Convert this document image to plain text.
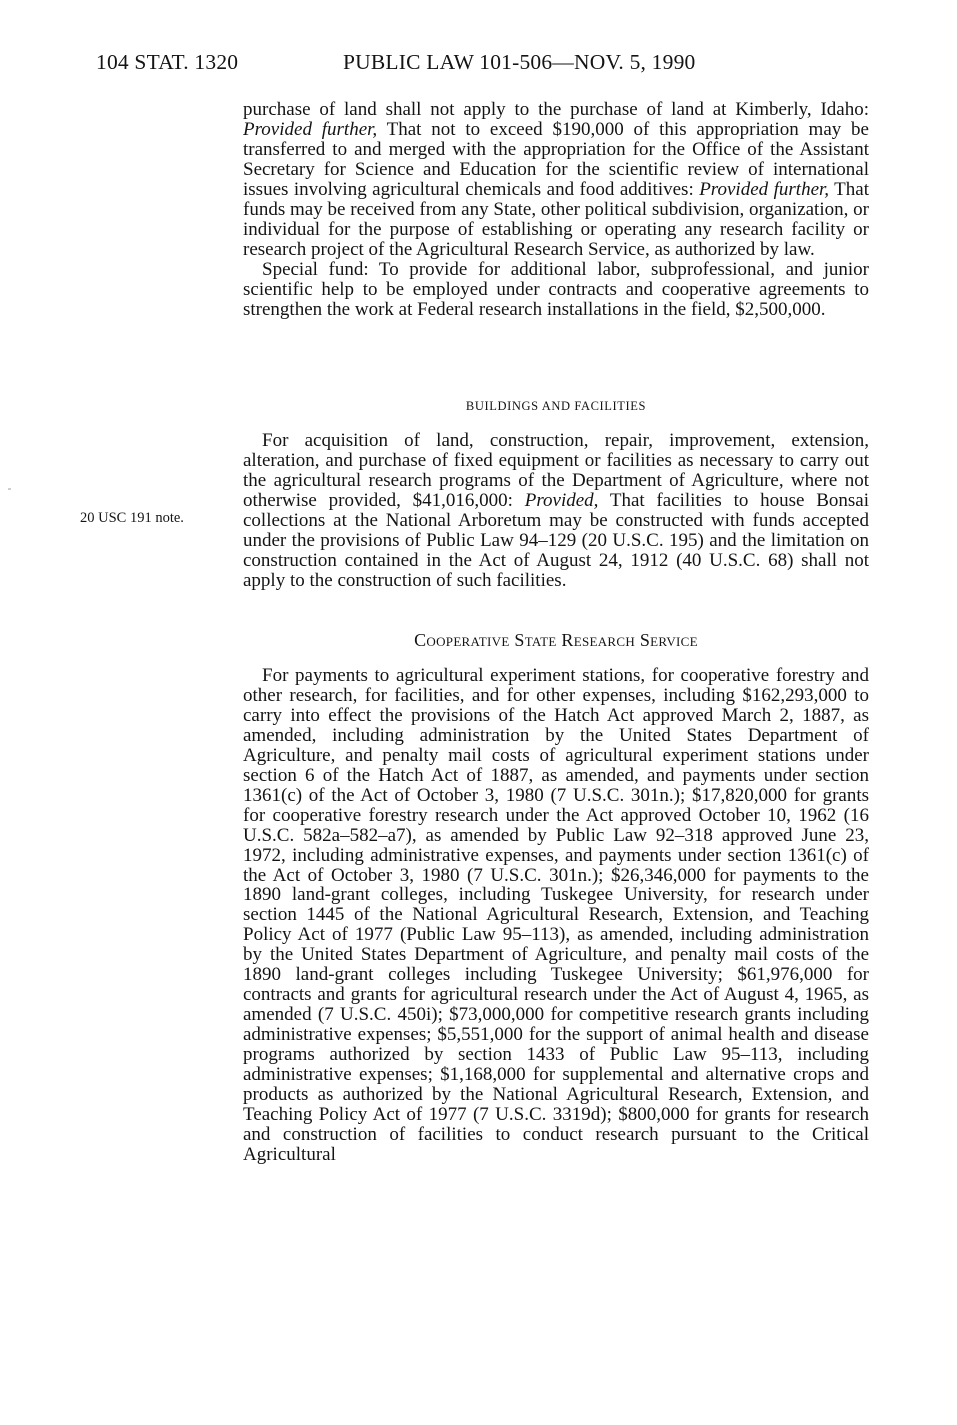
104 STAT. 1320	PUBLIC LAW 101-506—NOV. 5, 1990
20 USC 191 note.

purchase of land shall not apply to the purchase of land at Kimberly, Idaho: Provided further, That not to exceed $190,000 of this appropriation may be transferred to and merged with the appropriation for the Office of the Assistant Secretary for Science and Education for the scientific review of international issues involving agricultural chemicals and food additives: Provided further, That funds may be received from any State, other political subdivision, organization, or individual for the purpose of establishing or operating any research facility or research project of the Agricultural Research Service, as authorized by law.

Special fund: To provide for additional labor, subprofessional, and junior scientific help to be employed under contracts and cooperative agreements to strengthen the work at Federal research installations in the field, $2,500,000.

BUILDINGS AND FACILITIES

For acquisition of land, construction, repair, improvement, extension, alteration, and purchase of fixed equipment or facilities as necessary to carry out the agricultural research programs of the Department of Agriculture, where not otherwise provided, $41,016,000: Provided, That facilities to house Bonsai collections at the National Arboretum may be constructed with funds accepted under the provisions of Public Law 94–129 (20 U.S.C. 195) and the limitation on construction contained in the Act of August 24, 1912 (40 U.S.C. 68) shall not apply to the construction of such facilities.

Cooperative State Research Service

For payments to agricultural experiment stations, for cooperative forestry and other research, for facilities, and for other expenses, including $162,293,000 to carry into effect the provisions of the Hatch Act approved March 2, 1887, as amended, including administration by the United States Department of Agriculture, and penalty mail costs of agricultural experiment stations under section 6 of the Hatch Act of 1887, as amended, and payments under section 1361(c) of the Act of October 3, 1980 (7 U.S.C. 301n.); $17,820,000 for grants for cooperative forestry research under the Act approved October 10, 1962 (16 U.S.C. 582a–582–a7), as amended by Public Law 92–318 approved June 23, 1972, including administrative expenses, and payments under section 1361(c) of the Act of October 3, 1980 (7 U.S.C. 301n.); $26,346,000 for payments to the 1890 land-grant colleges, including Tuskegee University, for research under section 1445 of the National Agricultural Research, Extension, and Teaching Policy Act of 1977 (Public Law 95–113), as amended, including administration by the United States Department of Agriculture, and penalty mail costs of the 1890 land-grant colleges including Tuskegee University; $61,976,000 for contracts and grants for agricultural research under the Act of August 4, 1965, as amended (7 U.S.C. 450i); $73,000,000 for competitive research grants including administrative expenses; $5,551,000 for the support of animal health and disease programs authorized by section 1433 of Public Law 95–113, including administrative expenses; $1,168,000 for supplemental and alternative crops and products as authorized by the National Agricultural Research, Extension, and Teaching Policy Act of 1977 (7 U.S.C. 3319d); $800,000 for grants for research and construction of facilities to conduct research pursuant to the Critical Agricultural
